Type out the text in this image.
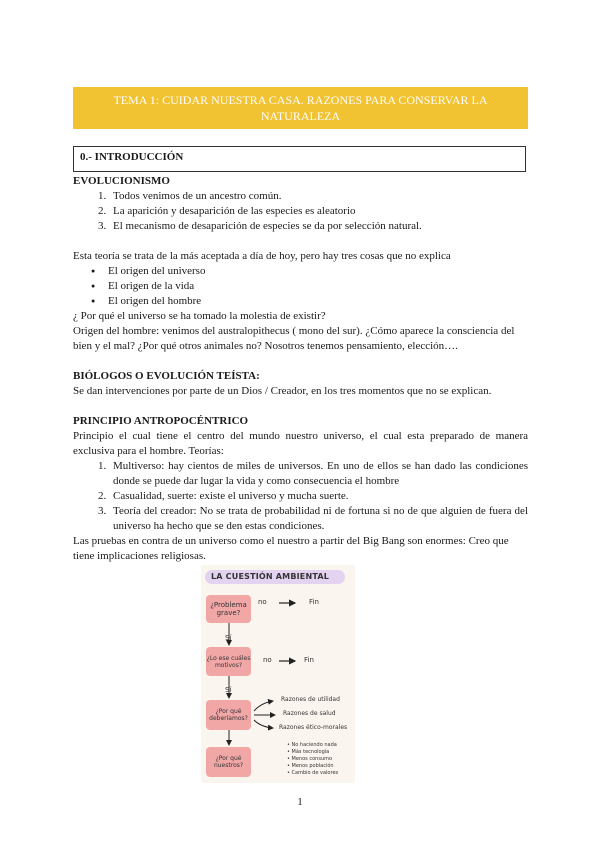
TEMA 1: CUIDAR NUESTRA CASA. RAZONES PARA CONSERVAR LA NATURALEZA
0.- INTRODUCCIÓN

EVOLUCIONISMO

1. Todos venimos de un ancestro común.
2. La aparición y desaparición de las especies es aleatorio
3. El mecanismo de desaparición de especies se da por selección natural.

Esta teoría se trata de la más aceptada a día de hoy, pero hay tres cosas que no explica

● El origen del universo
● El origen de la vida
● El origen del hombre

¿ Por qué el universo se ha tomado la molestia de existir?

Origen del hombre: venimos del australopithecus ( mono del sur). ¿Cómo aparece la consciencia del bien y el mal? ¿Por qué otros animales no? Nosotros tenemos pensamiento, elección….

BIÓLOGOS O EVOLUCIÓN TEÍSTA:

Se dan intervenciones por parte de un Dios / Creador, en los tres momentos que no se explican.

PRINCIPIO ANTROPOCÉNTRICO

Principio el cual tiene el centro del mundo nuestro universo, el cual esta preparado de manera exclusiva para el hombre. Teorías:

1. Multiverso: hay cientos de miles de universos. En uno de ellos se han dado las condiciones donde se puede dar lugar la vida y como consecuencia el hombre
2. Casualidad, suerte: existe el universo y mucha suerte.
3. Teoría del creador: No se trata de probabilidad ni de fortuna si no de que alguien de fuera del universo ha hecho que se den estas condiciones.

Las pruebas en contra de un universo como el nuestro a partir del Big Bang son enormes: Creo que tiene implicaciones religiosas.

LA CUESTIÓN AMBIENTAL
¿Problema grave?
no	Fin
Sí
¿Lo ese cuáles motivos?
no	Fin
Sí
¿Por qué deberíamos?
Razones de utilidad
Razones de salud
Razones ético-morales
¿Por qué nuestros?
• No haciendo nada
• Más tecnología
• Menos consumo
• Menos población
• Cambio de valores
1
